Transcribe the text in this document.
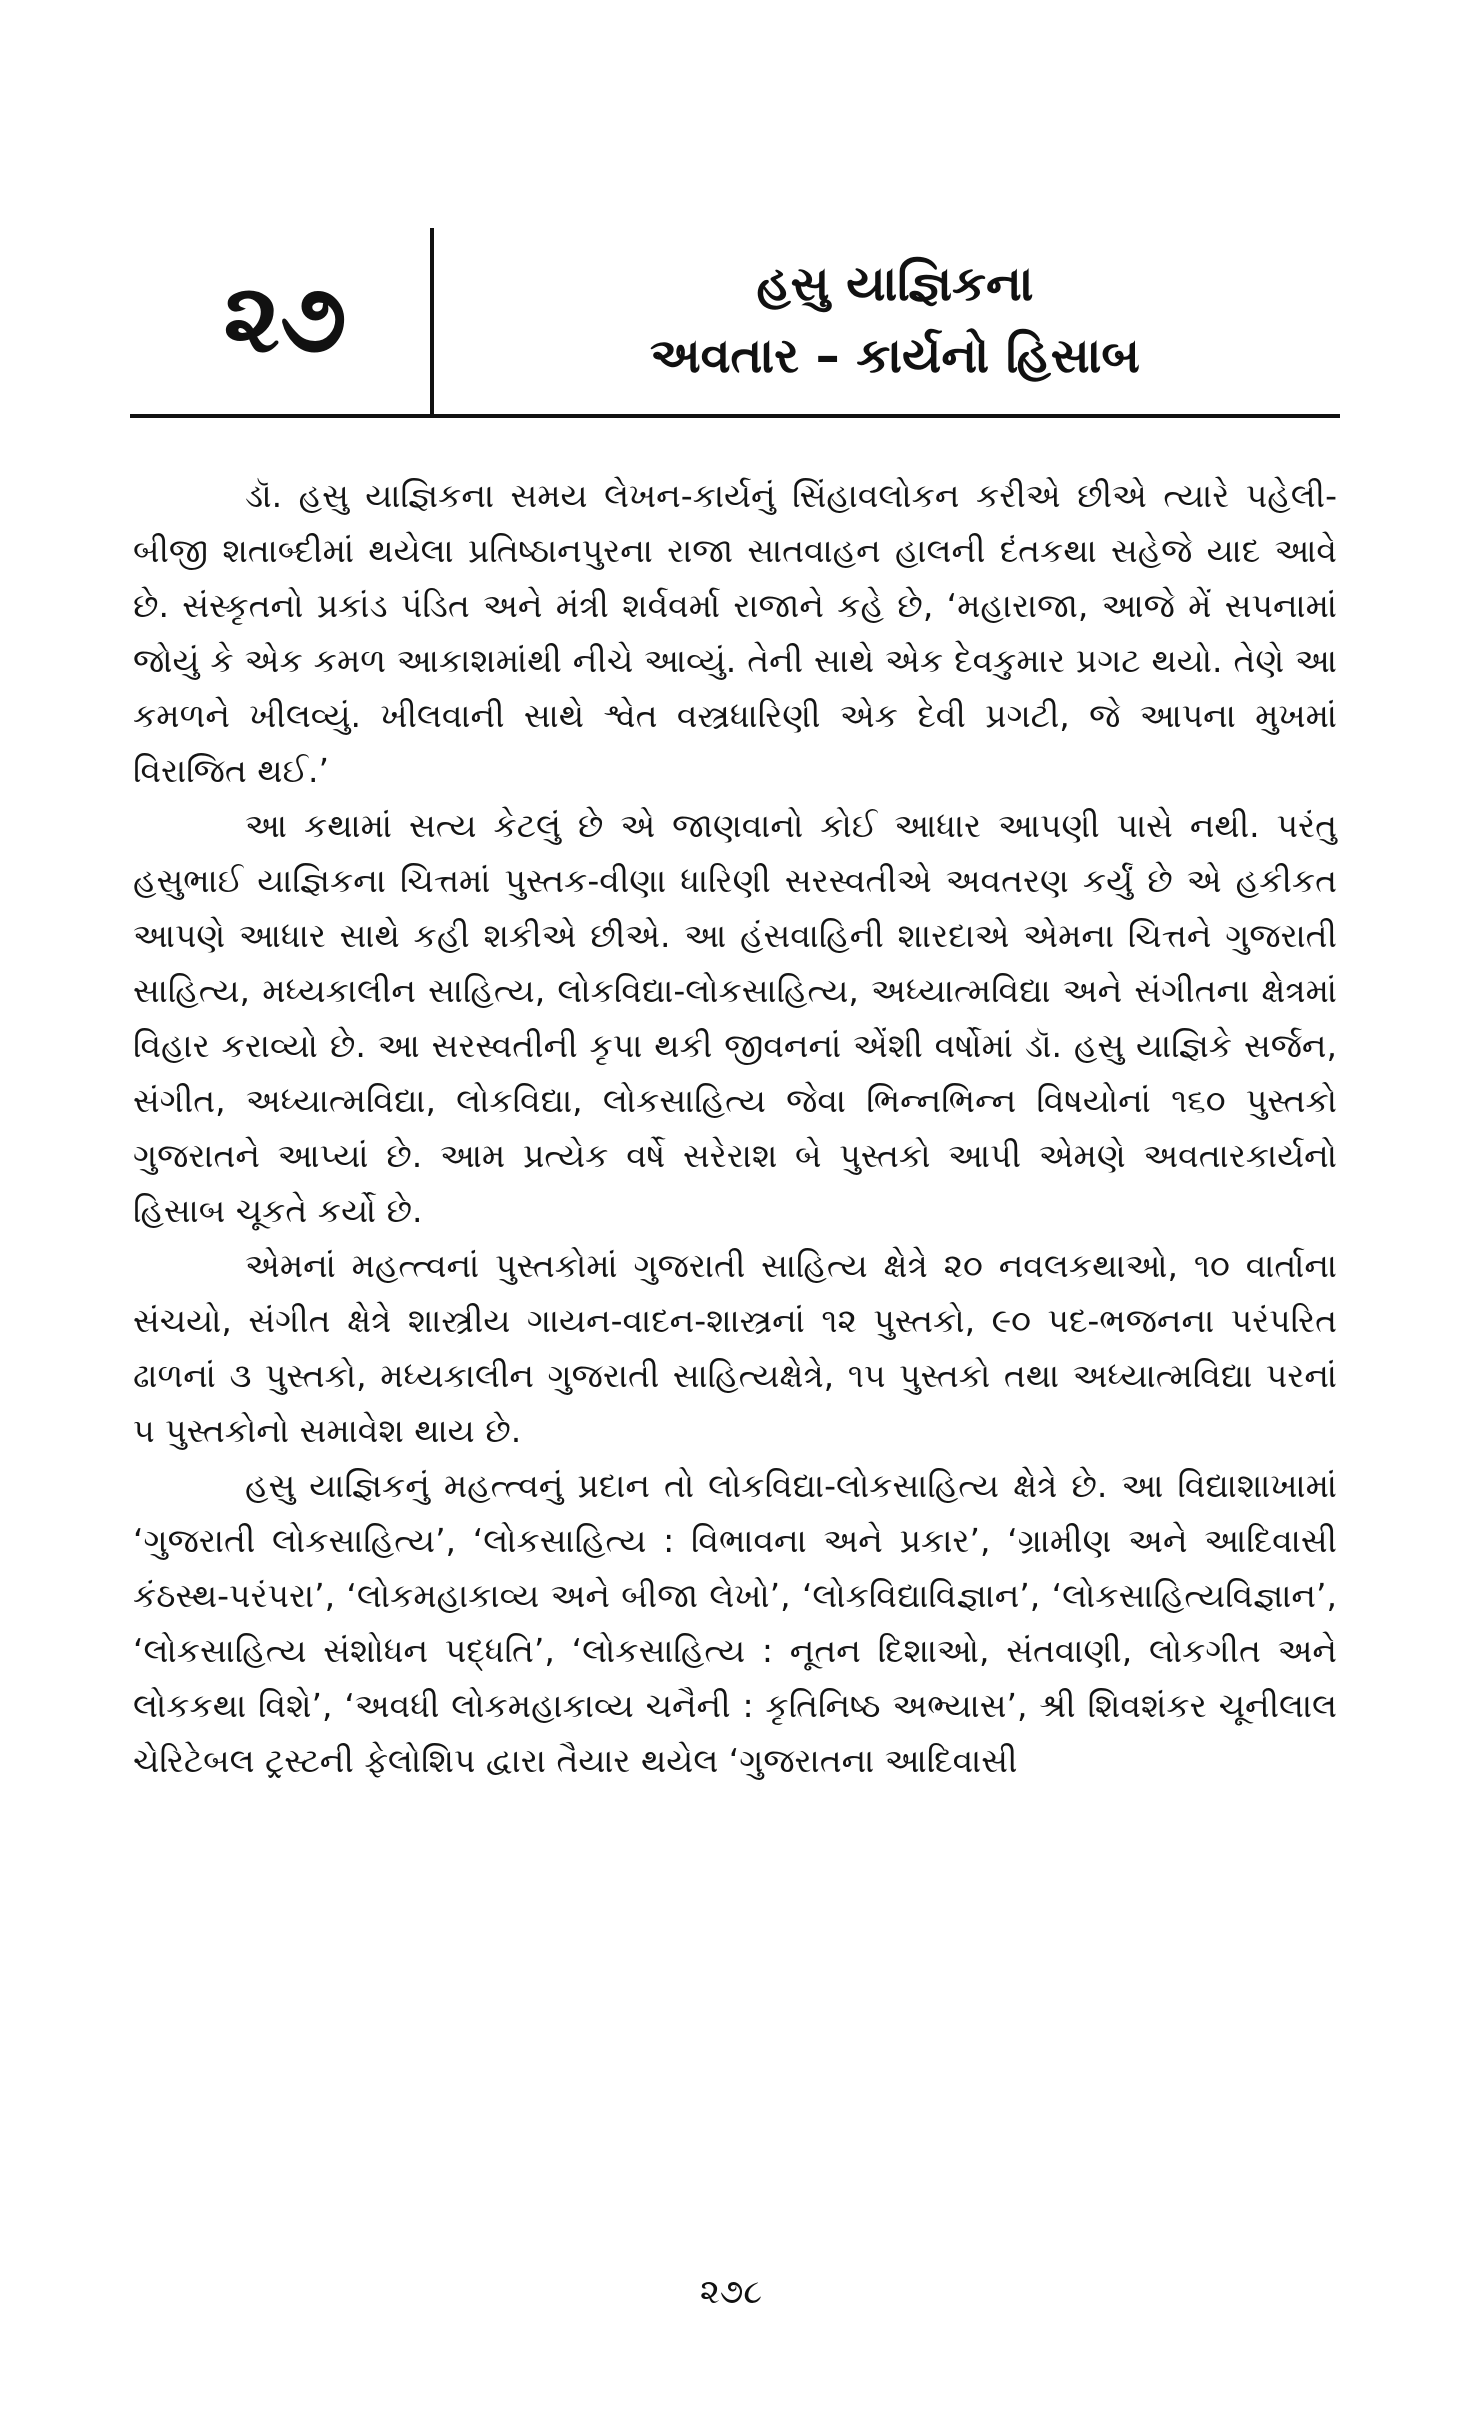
૨૭	હસુ યાજ્ઞિકના
અવતાર – કાર્યનો હિસાબ

ડૉ. હસુ યાજ્ઞિકના સમય લેખન-કાર્યનું સિંહાવલોકન કરીએ છીએ ત્યારે પહેલી-બીજી શતાબ્દીમાં થયેલા પ્રતિષ્ઠાનપુરના રાજા સાતવાહન હાલની દંતકથા સહેજે યાદ આવે છે. સંસ્કૃતનો પ્રકાંડ પંડિત અને મંત્રી શર્વવર્મા રાજાને કહે છે, ‘મહારાજા, આજે મેં સપનામાં જોયું કે એક કમળ આકાશમાંથી નીચે આવ્યું. તેની સાથે એક દેવકુમાર પ્રગટ થયો. તેણે આ કમળને ખીલવ્યું. ખીલવાની સાથે શ્વેત વસ્ત્રધારિણી એક દેવી પ્રગટી, જે આપના મુખમાં વિરાજિત થઈ.’

આ કથામાં સત્ય કેટલું છે એ જાણવાનો કોઈ આધાર આપણી પાસે નથી. પરંતુ હસુભાઈ યાજ્ઞિકના ચિત્તમાં પુસ્તક-વીણા ધારિણી સરસ્વતીએ અવતરણ કર્યું છે એ હકીકત આપણે આધાર સાથે કહી શકીએ છીએ. આ હંસવાહિની શારદાએ એમના ચિત્તને ગુજરાતી સાહિત્ય, મધ્યકાલીન સાહિત્ય, લોકવિદ્યા-લોકસાહિત્ય, અધ્યાત્મવિદ્યા અને સંગીતના ક્ષેત્રમાં વિહાર કરાવ્યો છે. આ સરસ્વતીની કૃપા થકી જીવનનાં એંશી વર્ષોમાં ડૉ. હસુ યાજ્ઞિકે સર્જન, સંગીત, અધ્યાત્મવિદ્યા, લોકવિદ્યા, લોકસાહિત્ય જેવા ભિન્નભિન્ન વિષયોનાં ૧૬૦ પુસ્તકો ગુજરાતને આપ્યાં છે. આમ પ્રત્યેક વર્ષે સરેરાશ બે પુસ્તકો આપી એમણે અવતારકાર્યનો હિસાબ ચૂકતે કર્યો છે.

એમનાં મહત્ત્વનાં પુસ્તકોમાં ગુજરાતી સાહિત્ય ક્ષેત્રે ૨૦ નવલકથાઓ, ૧૦ વાર્તાના સંચયો, સંગીત ક્ષેત્રે શાસ્ત્રીય ગાયન-વાદન-શાસ્ત્રનાં ૧૨ પુસ્તકો, ૯૦ પદ-ભજનના પરંપરિત ઢાળનાં ૩ પુસ્તકો, મધ્યકાલીન ગુજરાતી સાહિત્યક્ષેત્રે, ૧૫ પુસ્તકો તથા અધ્યાત્મવિદ્યા પરનાં ૫ પુસ્તકોનો સમાવેશ થાય છે.

હસુ યાજ્ઞિકનું મહત્ત્વનું પ્રદાન તો લોકવિદ્યા-લોકસાહિત્ય ક્ષેત્રે છે. આ વિદ્યાશાખામાં ‘ગુજરાતી લોકસાહિત્ય’, ‘લોકસાહિત્ય : વિભાવના અને પ્રકાર’, ‘ગ્રામીણ અને આદિવાસી કંઠસ્થ-પરંપરા’, ‘લોકમહાકાવ્ય અને બીજા લેખો’, ‘લોકવિદ્યાવિજ્ઞાન’, ‘લોકસાહિત્યવિજ્ઞાન’, ‘લોકસાહિત્ય સંશોધન પદ્ધતિ’, ‘લોકસાહિત્ય : નૂતન દિશાઓ, સંતવાણી, લોકગીત અને લોકકથા વિશે’, ‘અવધી લોકમહાકાવ્ય ચનૈની : કૃતિનિષ્ઠ અભ્યાસ’, શ્રી શિવશંકર ચૂનીલાલ ચેરિટેબલ ટ્રસ્ટની ફેલોશિપ દ્વારા તૈયાર થયેલ ‘ગુજરાતના આદિવાસી

૨૭૮
